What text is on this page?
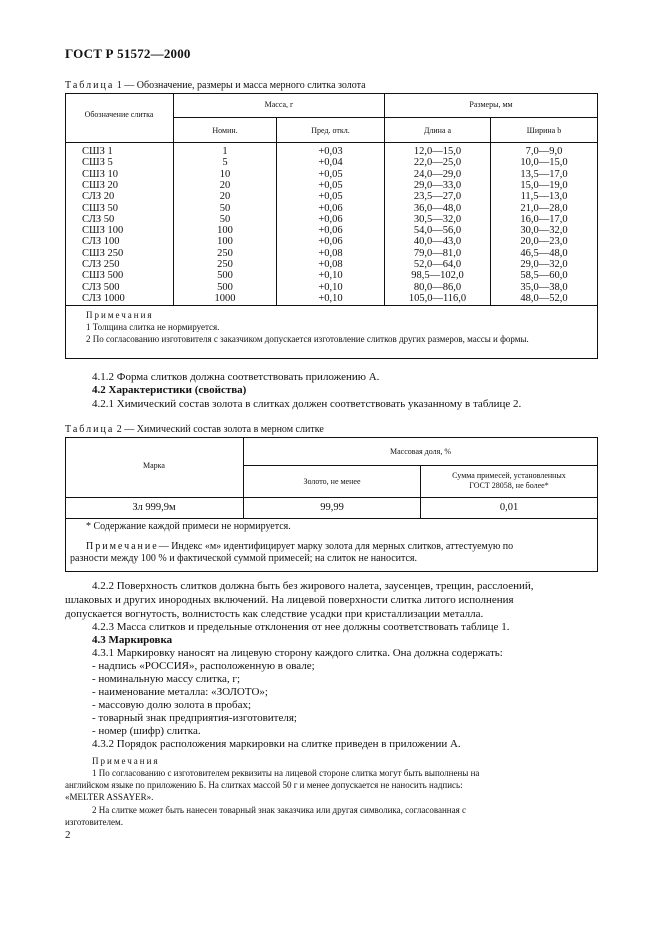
ГОСТ Р 51572—2000
Таблица 1 — Обозначение, размеры и масса мерного слитка золота
Обозначение слитка
Масса, г	Размеры, мм
Номин.	Пред. откл.	Длина a	Ширина b
СШЗ 1	1	+0,03	12,0—15,0	7,0—9,0
СШЗ 5	5	+0,04	22,0—25,0	10,0—15,0
СШЗ 10	10	+0,05	24,0—29,0	13,5—17,0
СШЗ 20	20	+0,05	29,0—33,0	15,0—19,0
СЛЗ 20	20	+0,05	23,5—27,0	11,5—13,0
СШЗ 50	50	+0,06	36,0—48,0	21,0—28,0
СЛЗ 50	50	+0,06	30,5—32,0	16,0—17,0
СШЗ 100	100	+0,06	54,0—56,0	30,0—32,0
СЛЗ 100	100	+0,06	40,0—43,0	20,0—23,0
СШЗ 250	250	+0,08	79,0—81,0	46,5—48,0
СЛЗ 250	250	+0,08	52,0—64,0	29,0—32,0
СШЗ 500	500	+0,10	98,5—102,0	58,5—60,0
СЛЗ 500	500	+0,10	80,0—86,0	35,0—38,0
СЛЗ 1000	1000	+0,10	105,0—116,0	48,0—52,0
Примечания
1 Толщина слитка не нормируется.
2 По согласованию изготовителя с заказчиком допускается изготовление слитков других размеров, массы и формы.
4.1.2 Форма слитков должна соответствовать приложению А.
4.2 Характеристики (свойства)
4.2.1 Химический состав золота в слитках должен соответствовать указанному в таблице 2.
Таблица 2 — Химический состав золота в мерном слитке
Марка
Массовая доля, %
Золото, не менее
Сумма примесей, установленных
ГОСТ 28058, не более*
Зл 999,9м	99,99	0,01
* Содержание каждой примеси не нормируется.
Примечание— Индекс «м» идентифицирует марку золота для мерных слитков, аттестуемую по
разности между 100 % и фактической суммой примесей; на слиток не наносится.
4.2.2 Поверхность слитков должна быть без жирового налета, заусенцев, трещин, расслоений,
шлаковых и других инородных включений. На лицевой поверхности слитка литого исполнения
допускается вогнутость, волнистость как следствие усадки при кристаллизации металла.
4.2.3 Масса слитков и предельные отклонения от нее должны соответствовать таблице 1.
4.3 Маркировка
4.3.1 Маркировку наносят на лицевую сторону каждого слитка. Она должна содержать:
- надпись «РОССИЯ», расположенную в овале;
- номинальную массу слитка, г;
- наименование металла: «ЗОЛОТО»;
- массовую долю золота в пробах;
- товарный знак предприятия-изготовителя;
- номер (шифр) слитка.
4.3.2 Порядок расположения маркировки на слитке приведен в приложении А.
Примечания
1 По согласованию с изготовителем реквизиты на лицевой стороне слитка могут быть выполнены на
английском языке по приложению Б. На слитках массой 50 г и менее допускается не наносить надпись:
«MELTER ASSAYER».
2 На слитке может быть нанесен товарный знак заказчика или другая символика, согласованная с
изготовителем.
2
